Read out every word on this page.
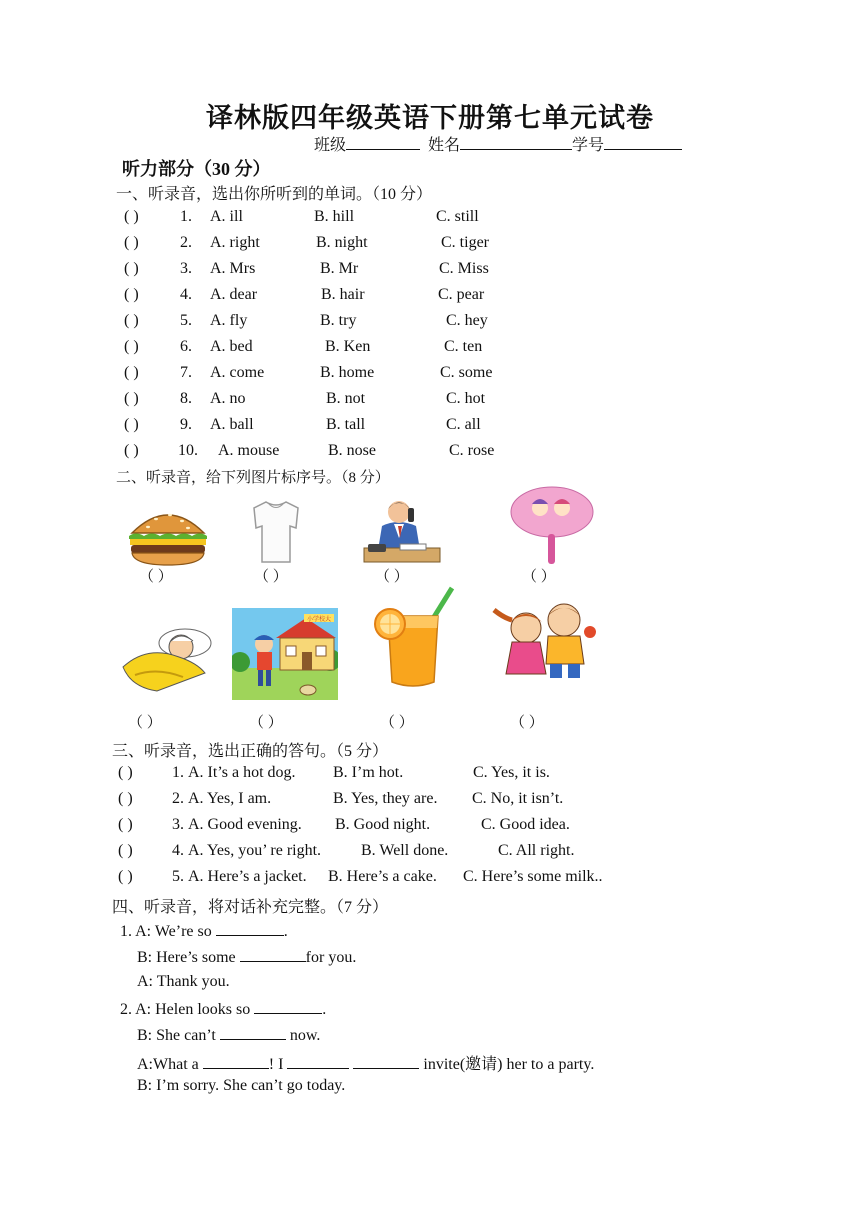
译林版四年级英语下册第七单元试卷
班级	姓名	学号
听力部分（30 分）
一、听录音，选出你所听到的单词。（10 分）
( )	1. A. ill	B. hill	C. still
( )	2. A. right	B. night	C. tiger
( )	3. A. Mrs	B. Mr	C. Miss
( )	4. A. dear	B. hair	C. pear
( )	5. A. fly	B. try	C. hey
( )	6. A. bed	B. Ken	C. ten
( )	7. A. come	B. home	C. some
( )	8. A. no	B. not	C. hot
( )	9. A. ball	B. tall	C. all
( ) 10. A. mouse	B. nose	C. rose
二、听录音，给下列图片标序号。（8 分）
（ ）	（ ）	（ ）	（ ）
（ ）
小学校大
（ ）	（ ）	（ ）
三、听录音，选出正确的答句。（5 分）
( ) 1. A. It’s a hot dog. B. I’m hot.	C. Yes, it is.
( ) 2. A. Yes, I am.	B. Yes, they are. C. No, it isn’t.
( ) 3. A. Good evening. B. Good night.	C. Good idea.
( ) 4. A. Yes, you’ re right. B. Well done.	C. All right.
( ) 5. A. Here’s a jacket. B. Here’s a cake. C. Here’s some milk..
四、听录音，将对话补充完整。（7 分）
1. A: We’re so	.
B: Here’s some	for you.
A: Thank you.
2. A: Helen looks so	.
B: She can’t	now.
A:What a	! I	invite(邀请) her to a party.
B: I’m sorry. She can’t go today.
